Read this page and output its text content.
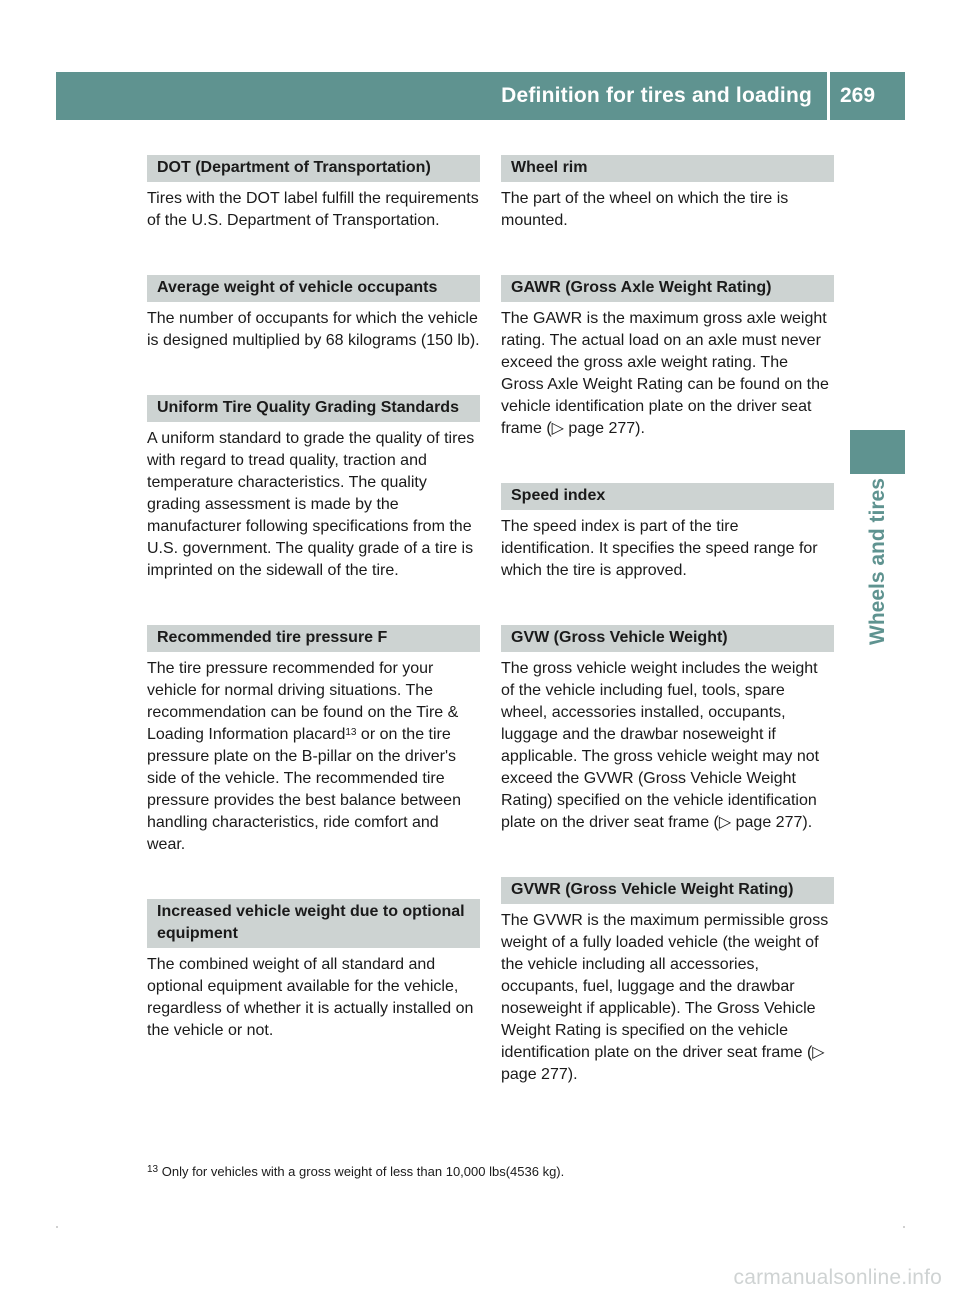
Definition for tires and loading	269
Wheels and tires
DOT (Department of Transportation)

Tires with the DOT label fulfill the requirements of the U.S. Department of Transportation.

Average weight of vehicle occupants

The number of occupants for which the vehicle is designed multiplied by 68 kilograms (150 lb).

Uniform Tire Quality Grading Standards

A uniform standard to grade the quality of tires with regard to tread quality, traction and temperature characteristics. The quality grading assessment is made by the manufacturer following specifications from the U.S. government. The quality grade of a tire is imprinted on the sidewall of the tire.

Recommended tire pressure F

The tire pressure recommended for your vehicle for normal driving situations. The recommendation can be found on the Tire & Loading Information placard$^{13}$ or on the tire pressure plate on the B-pillar on the driver's side of the vehicle. The recommended tire pressure provides the best balance between handling characteristics, ride comfort and wear.

Increased vehicle weight due to optional equipment

The combined weight of all standard and optional equipment available for the vehicle, regardless of whether it is actually installed on the vehicle or not.

Wheel rim

The part of the wheel on which the tire is mounted.

GAWR (Gross Axle Weight Rating)

The GAWR is the maximum gross axle weight rating. The actual load on an axle must never exceed the gross axle weight rating. The Gross Axle Weight Rating can be found on the vehicle identification plate on the driver seat frame (▷ page 277).

Speed index

The speed index is part of the tire identification. It specifies the speed range for which the tire is approved.

GVW (Gross Vehicle Weight)

The gross vehicle weight includes the weight of the vehicle including fuel, tools, spare wheel, accessories installed, occupants, luggage and the drawbar noseweight if applicable. The gross vehicle weight may not exceed the GVWR (Gross Vehicle Weight Rating) specified on the vehicle identification plate on the driver seat frame (▷ page 277).

GVWR (Gross Vehicle Weight Rating)

The GVWR is the maximum permissible gross weight of a fully loaded vehicle (the weight of the vehicle including all accessories, occupants, fuel, luggage and the drawbar noseweight if applicable). The Gross Vehicle Weight Rating is specified on the vehicle identification plate on the driver seat frame (▷ page 277).

$^{13}$ Only for vehicles with a gross weight of less than 10,000 lbs(4536 kg).
carmanualsonline.info
